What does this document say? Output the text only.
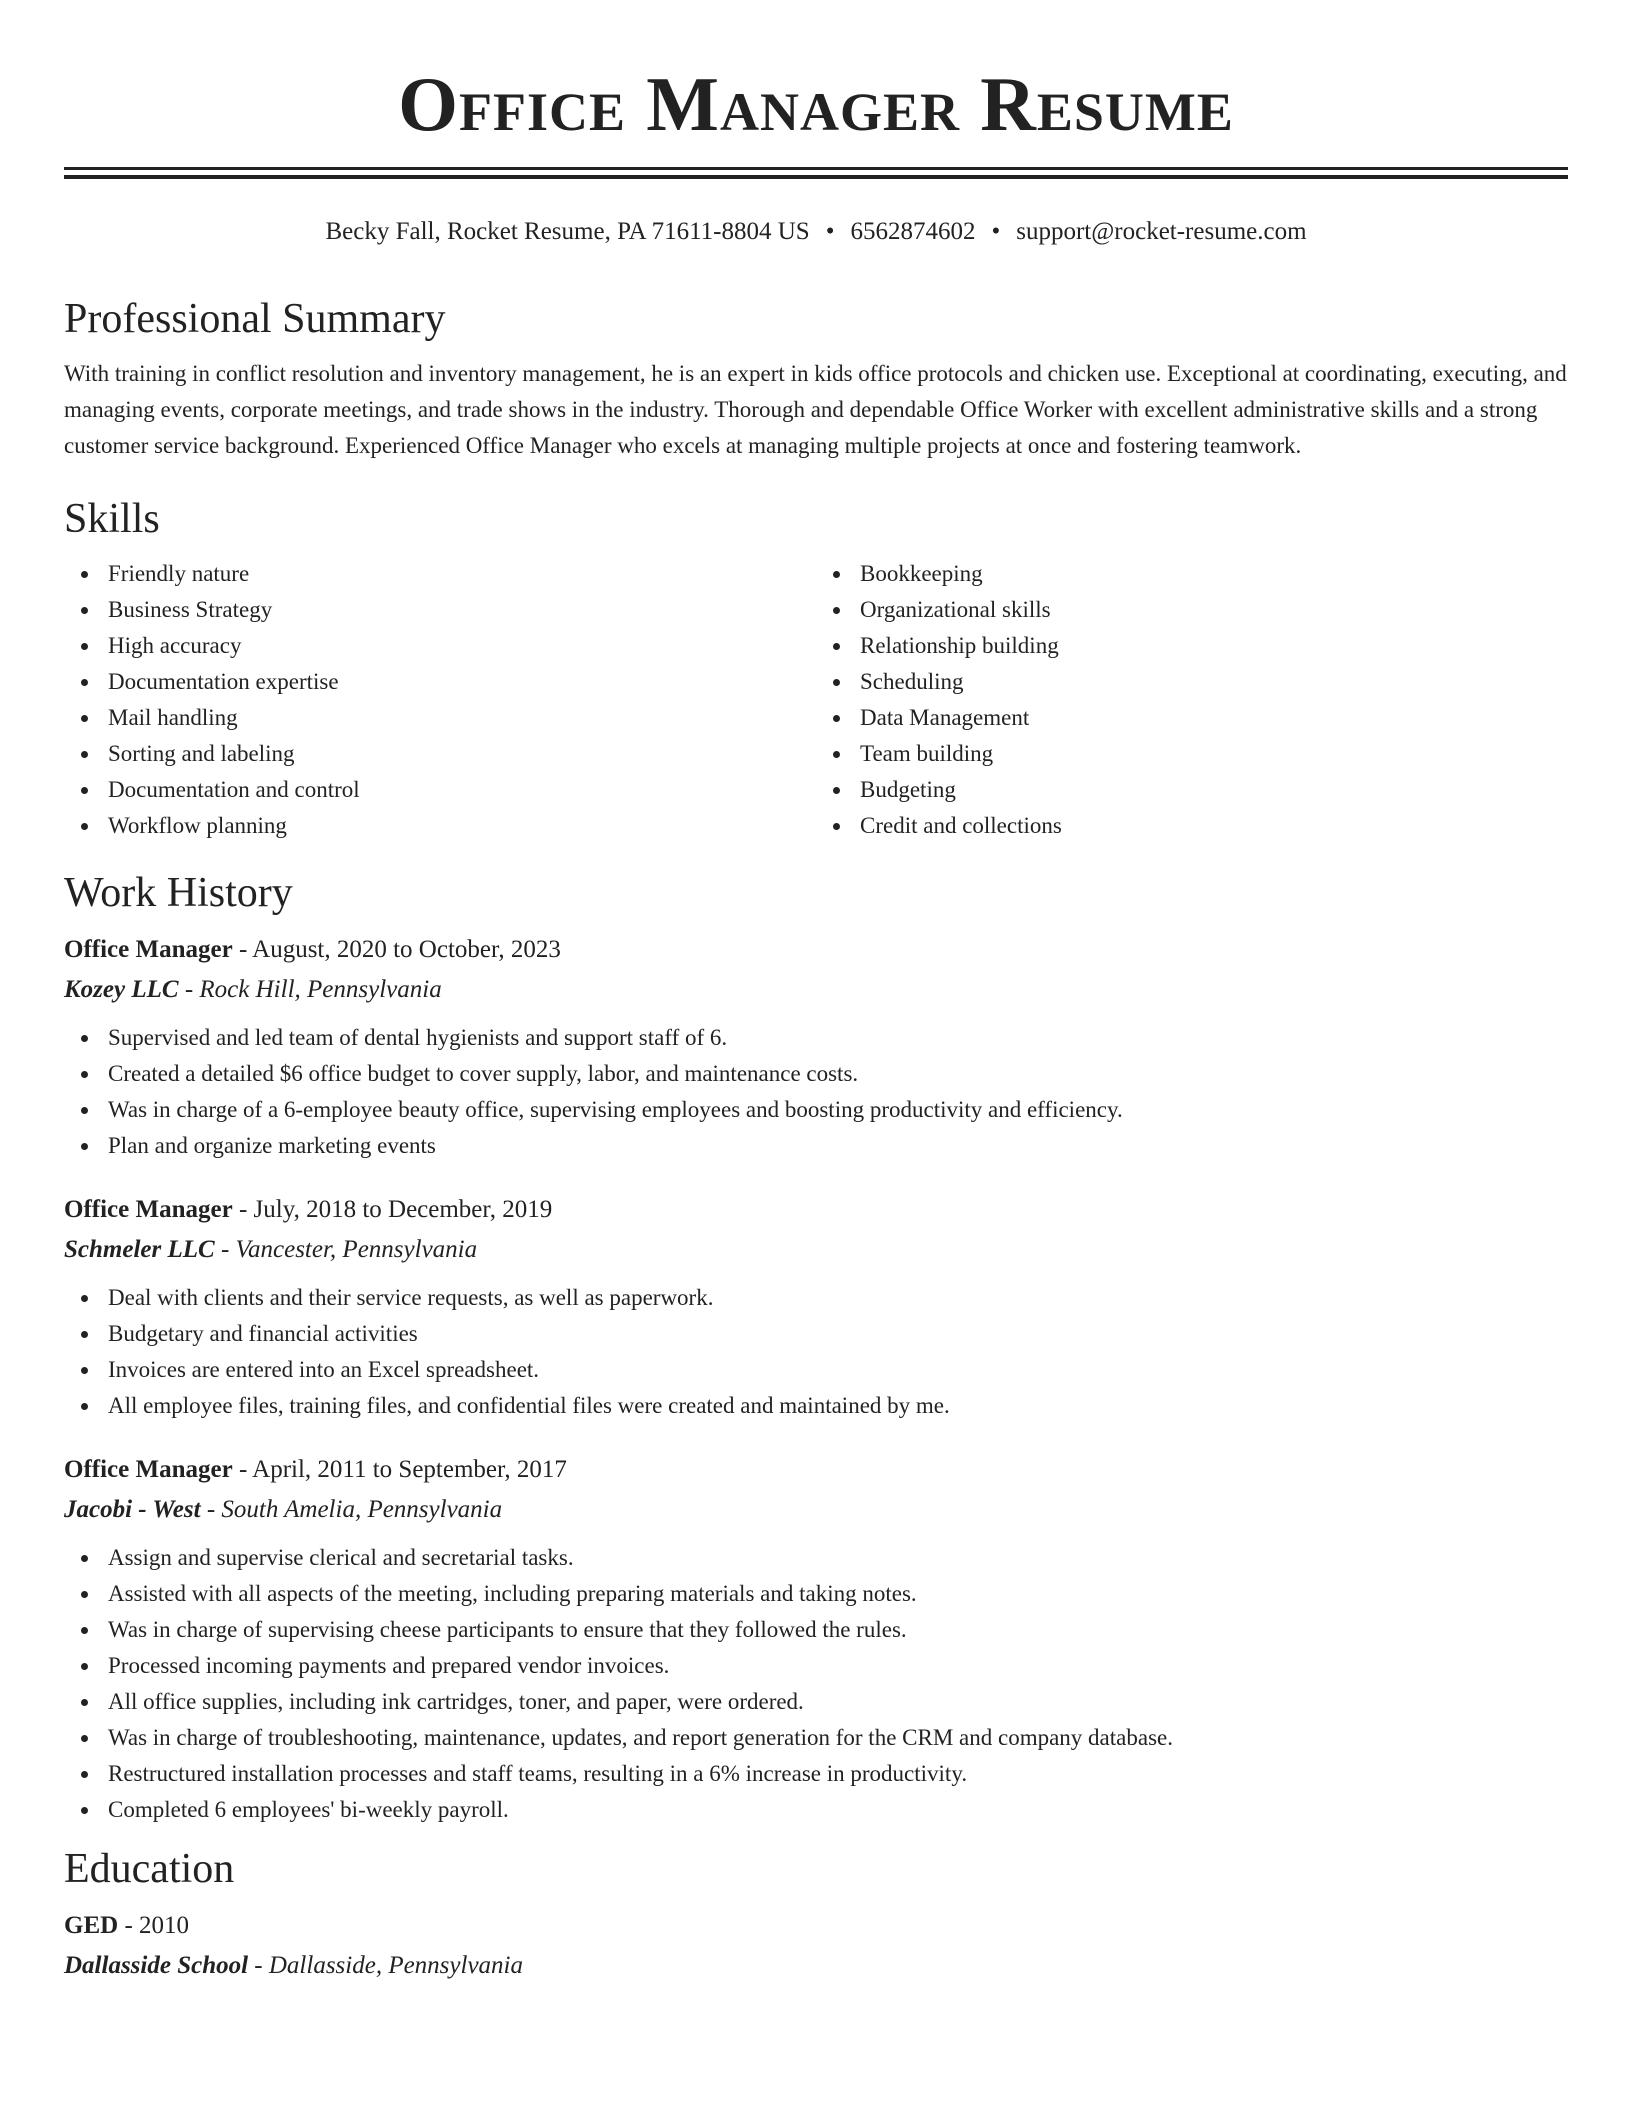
Office Manager Resume
Becky Fall, Rocket Resume, PA 71611-8804 US • 6562874602 • support@rocket-resume.com
Professional Summary

With training in conflict resolution and inventory management, he is an expert in kids office protocols and chicken use. Exceptional at coordinating, executing, and managing events, corporate meetings, and trade shows in the industry. Thorough and dependable Office Worker with excellent administrative skills and a strong customer service background. Experienced Office Manager who excels at managing multiple projects at once and fostering teamwork.

Skills
Friendly nature
Business Strategy
High accuracy
Documentation expertise
Mail handling
Sorting and labeling
Documentation and control
Workflow planning
Bookkeeping
Organizational skills
Relationship building
Scheduling
Data Management
Team building
Budgeting
Credit and collections
Work History
Office Manager - August, 2020 to October, 2023
Kozey LLC - Rock Hill, Pennsylvania
Supervised and led team of dental hygienists and support staff of 6.
Created a detailed $6 office budget to cover supply, labor, and maintenance costs.
Was in charge of a 6-employee beauty office, supervising employees and boosting productivity and efficiency.
Plan and organize marketing events
Office Manager - July, 2018 to December, 2019
Schmeler LLC - Vancester, Pennsylvania
Deal with clients and their service requests, as well as paperwork.
Budgetary and financial activities
Invoices are entered into an Excel spreadsheet.
All employee files, training files, and confidential files were created and maintained by me.
Office Manager - April, 2011 to September, 2017
Jacobi - West - South Amelia, Pennsylvania
Assign and supervise clerical and secretarial tasks.
Assisted with all aspects of the meeting, including preparing materials and taking notes.
Was in charge of supervising cheese participants to ensure that they followed the rules.
Processed incoming payments and prepared vendor invoices.
All office supplies, including ink cartridges, toner, and paper, were ordered.
Was in charge of troubleshooting, maintenance, updates, and report generation for the CRM and company database.
Restructured installation processes and staff teams, resulting in a 6% increase in productivity.
Completed 6 employees' bi-weekly payroll.
Education
GED - 2010
Dallasside School - Dallasside, Pennsylvania
